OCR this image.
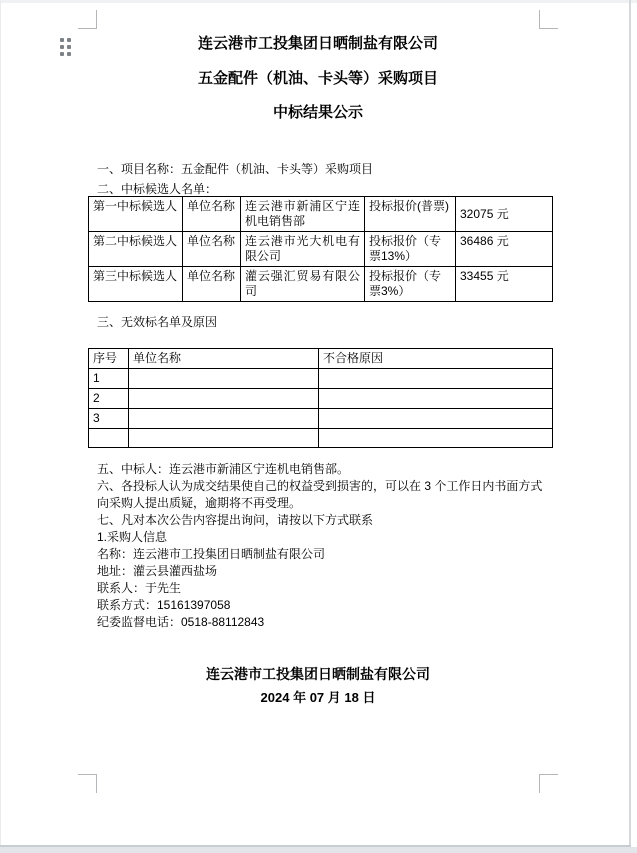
连云港市工投集团日晒制盐有限公司
五金配件（机油、卡头等）采购项目
中标结果公示
一、项目名称：五金配件（机油、卡头等）采购项目
二、中标候选人名单：
第一中标候选人	单位名称	连云港市新浦区宁连机电销售部	投标报价(普票)	32075 元
第二中标候选人	单位名称	连云港市光大机电有限公司	投标报价（专票13%）	36486 元
第三中标候选人	单位名称	灌云强汇贸易有限公司	投标报价（专票3%）	33455 元
三、无效标名单及原因
序号	单位名称	不合格原因
1		
2		
3		

五、中标人：连云港市新浦区宁连机电销售部。
六、各投标人认为成交结果使自己的权益受到损害的，可以在 3 个工作日内书面方式向采购人提出质疑，逾期将不再受理。
七、凡对本次公告内容提出询问，请按以下方式联系
1.采购人信息
名称：连云港市工投集团日晒制盐有限公司
地址：灌云县灌西盐场
联系人：于先生
联系方式：15161397058
纪委监督电话：0518-88112843
连云港市工投集团日晒制盐有限公司
2024 年 07 月 18 日
